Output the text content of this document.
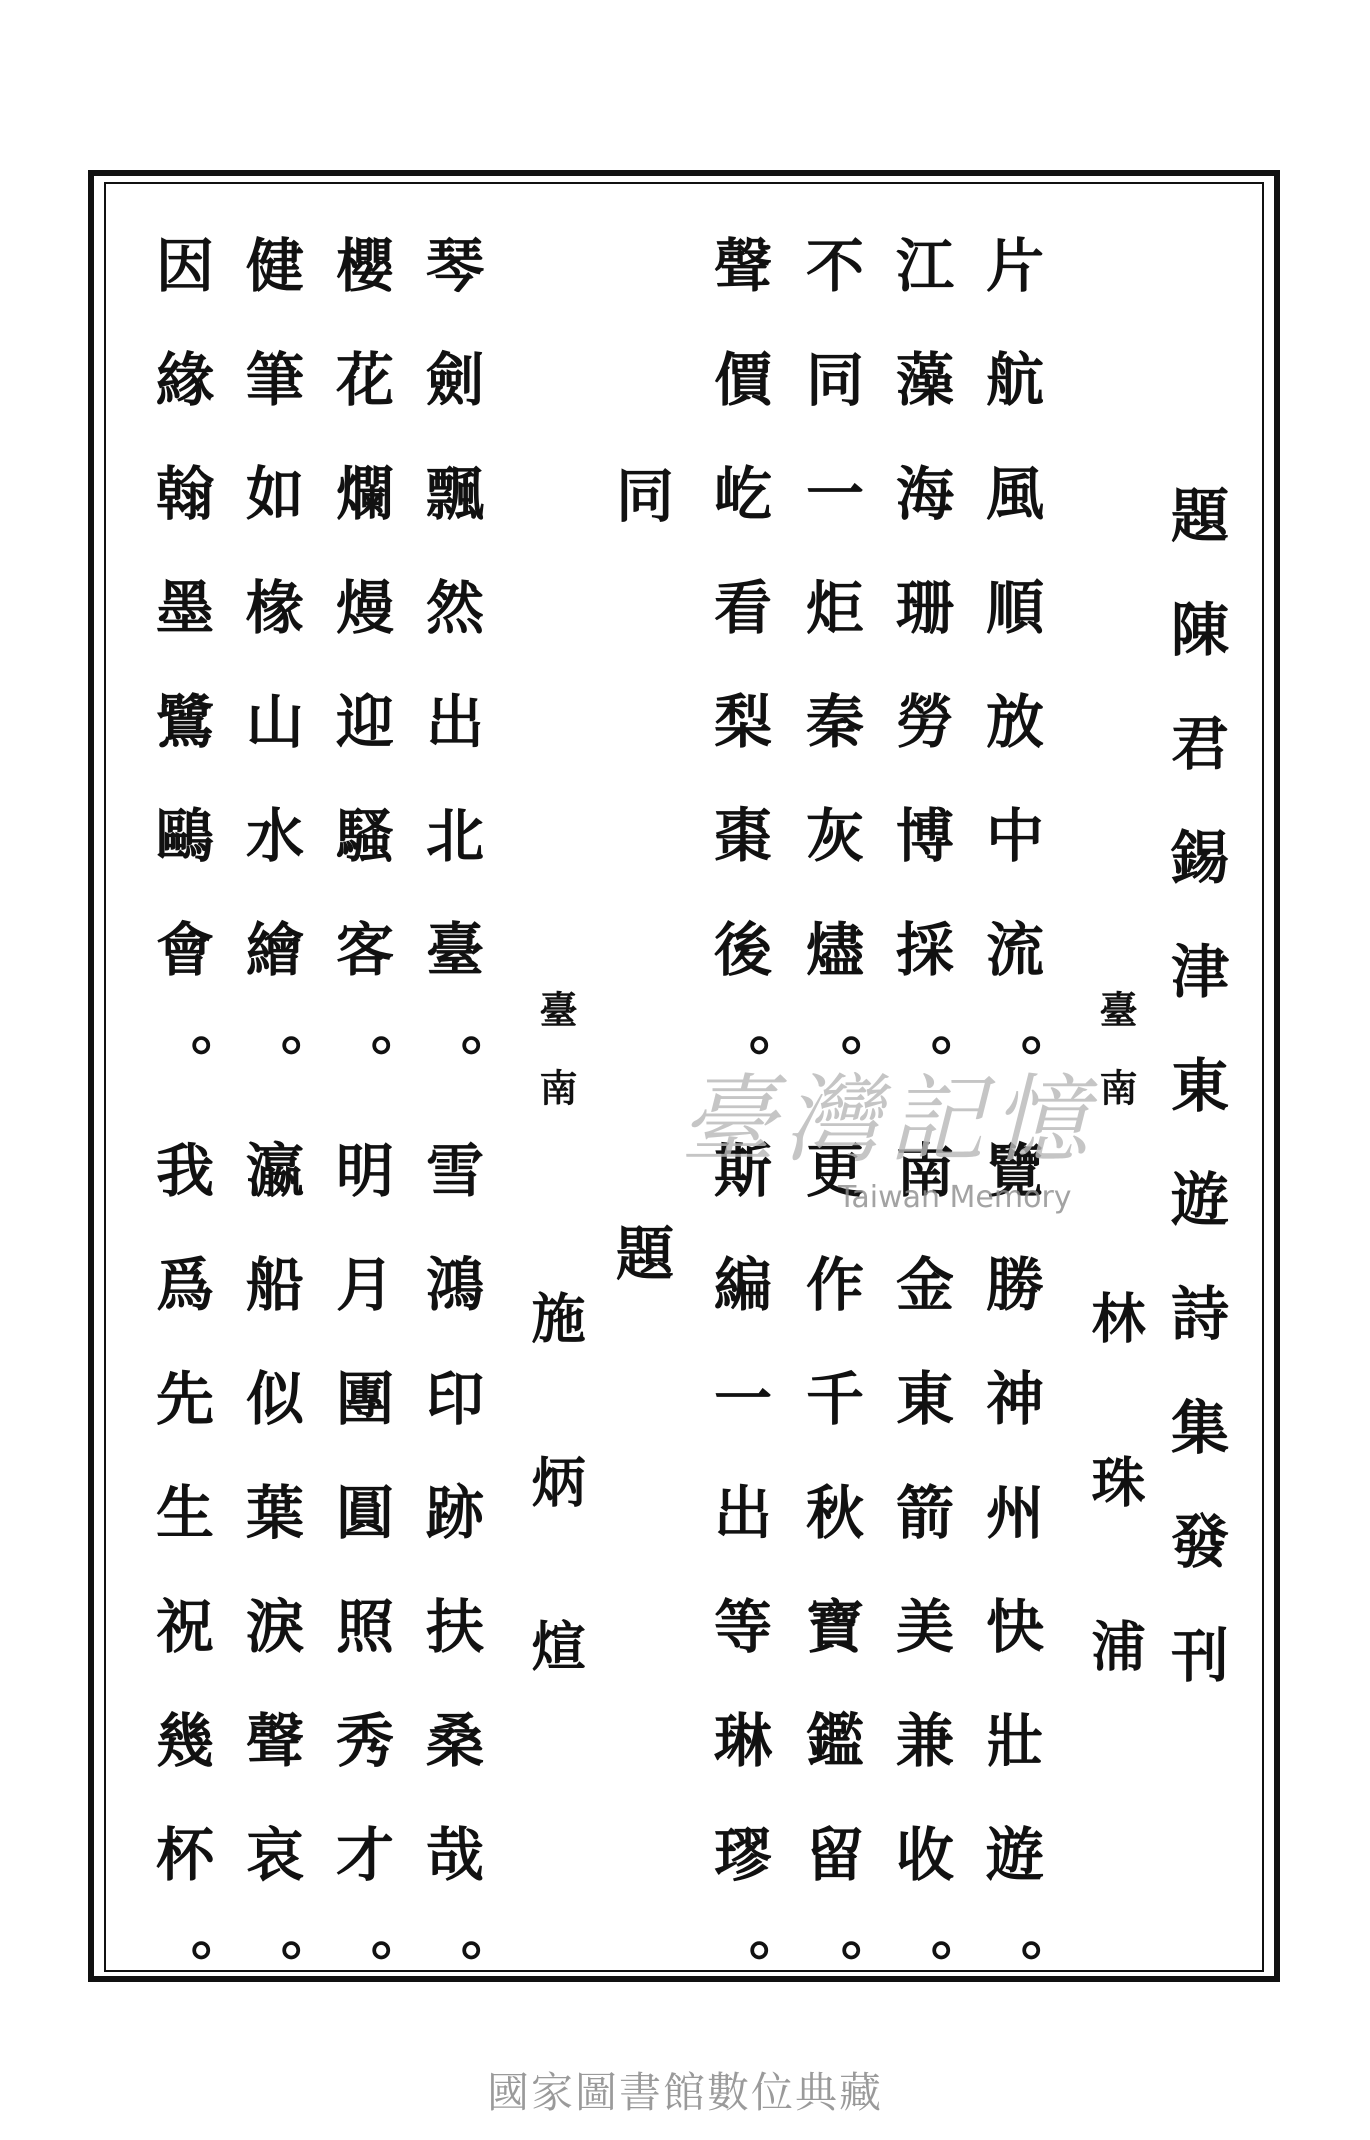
題陳君錫津東遊詩集發刊
臺南
林珠浦
片航風順放中流。
江藻海珊勞博採。
不同一炬秦灰燼。
聲價屹看梨棗後。
覽勝神州快壯遊。
南金東箭美兼收。
更作千秋寶鑑留。
斯編一出等琳璆。
同題
臺南
施炳煊
琴劍飄然出北臺。
櫻花爛熳迎騷客。
健筆如椽山水繪。
因緣翰墨鷺鷗會。
雪鴻印跡扶桑哉。
明月團圓照秀才。
瀛船似葉淚聲哀。
我爲先生祝幾杯。
臺灣記憶
Taiwan Memory
國家圖書館數位典藏
